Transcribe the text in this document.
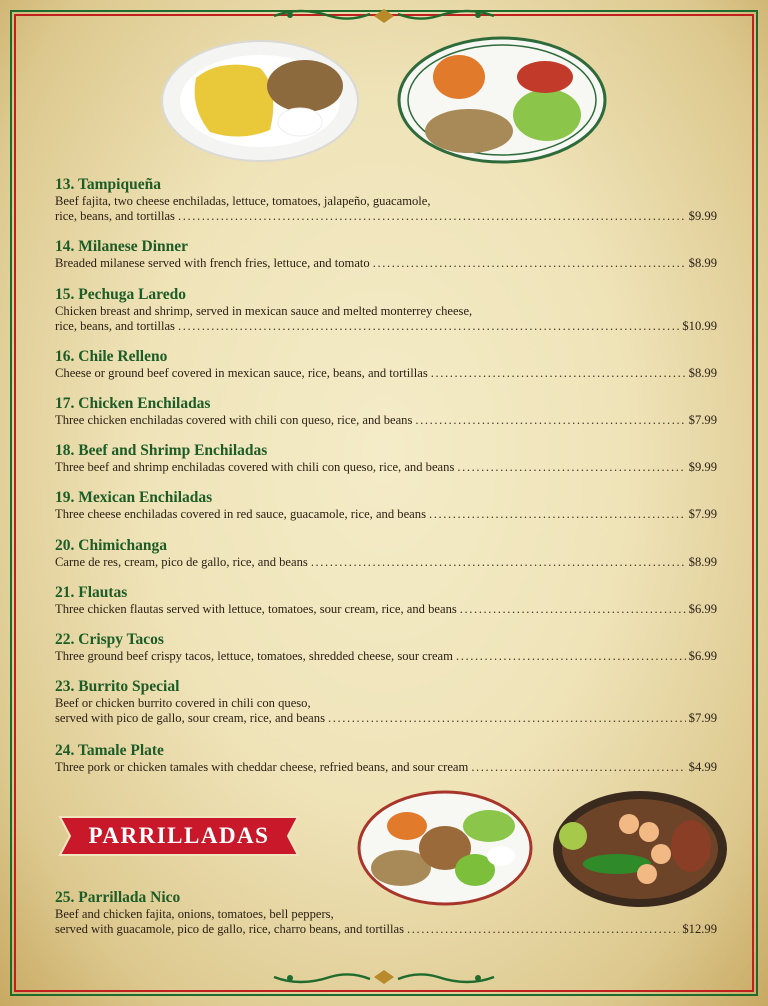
13. Tampiqueña
Beef fajita, two cheese enchiladas, lettuce, tomatoes, jalapeño, guacamole,
rice, beans, and tortillas .....	$9.99
14. Milanese Dinner
Breaded milanese served with french fries, lettuce, and tomato .....	$8.99
15. Pechuga Laredo
Chicken breast and shrimp, served in mexican sauce and melted monterrey cheese,
rice, beans, and tortillas .....	$10.99
16. Chile Relleno
Cheese or ground beef covered in mexican sauce, rice, beans, and tortillas .....	$8.99
17. Chicken Enchiladas
Three chicken enchiladas covered with chili con queso, rice, and beans .....	$7.99
18. Beef and Shrimp Enchiladas
Three beef and shrimp enchiladas covered with chili con queso, rice, and beans .....	$9.99
19. Mexican Enchiladas
Three cheese enchiladas covered in red sauce, guacamole, rice, and beans .....	$7.99
20. Chimichanga
Carne de res, cream, pico de gallo, rice, and beans .....	$8.99
21. Flautas
Three chicken flautas served with lettuce, tomatoes, sour cream, rice, and beans .....	$6.99
22. Crispy Tacos
Three ground beef crispy tacos, lettuce, tomatoes, shredded cheese, sour cream .....	$6.99
23. Burrito Special
Beef or chicken burrito covered in chili con queso,
served with pico de gallo, sour cream, rice, and beans .....	$7.99
24. Tamale Plate
Three pork or chicken tamales with cheddar cheese, refried beans, and sour cream .....	$4.99
25. Parrillada Nico
Beef and chicken fajita, onions, tomatoes, bell peppers,
served with guacamole, pico de gallo, rice, charro beans, and tortillas .....	$12.99
PARRILLADAS
